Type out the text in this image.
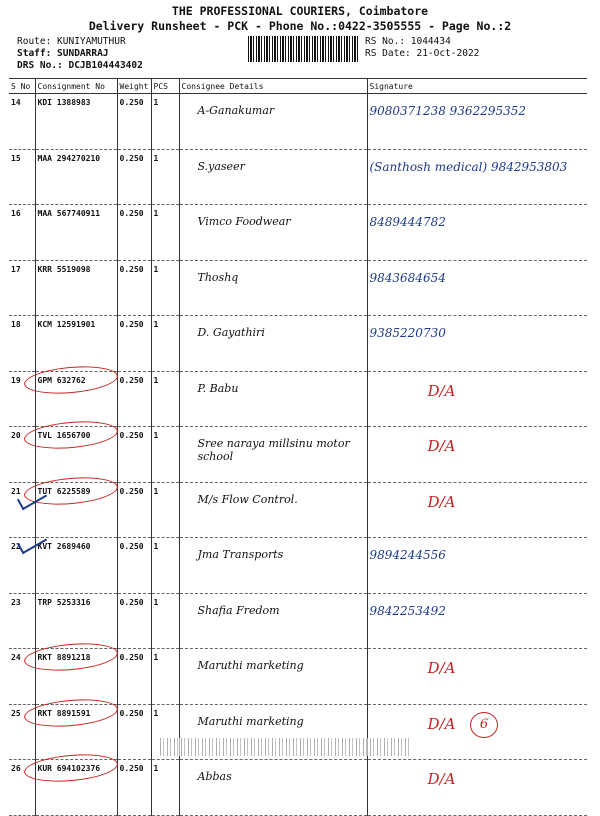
THE PROFESSIONAL COURIERS, Coimbatore
Delivery Runsheet - PCK - Phone No.:0422-3505555 - Page No.:2
Route: KUNIYAMUTHUR
Staff: SUNDARRAJ
DRS No.: DCJB104443402
RS No.: 1044434
RS Date: 21-Oct-2022
S No	Consignment No	Weight	PCS	Consignee Details	Signature
14	KDI 1388983	0.250	1	A-Ganakumar	9080371238 9362295352
15	MAA 294270210	0.250	1	S.yaseer	(Santhosh medical) 9842953803
16	MAA 567740911	0.250	1	Vimco Foodwear	8489444782
17	KRR 5519098	0.250	1	Thoshq	9843684654
18	KCM 12591901	0.250	1	D. Gayathiri	9385220730
19	GPM 632762	0.250	1	P. Babu	D/A
20	TVL 1656700	0.250	1	Sree naraya millsinu motor school	D/A
21	TUT 6225589	0.250	1	M/s Flow Control.	D/A
22	KVT 2689460	0.250	1	Jma Transports	9894244556
23	TRP 5253316	0.250	1	Shafia Fredom	9842253492
24	RKT 8891218	0.250	1	Maruthi marketing	D/A
25	RKT 8891591	0.250	1	Maruthi marketing	D/A
26	KUR 694102376	0.250	1	Abbas	D/A
6
